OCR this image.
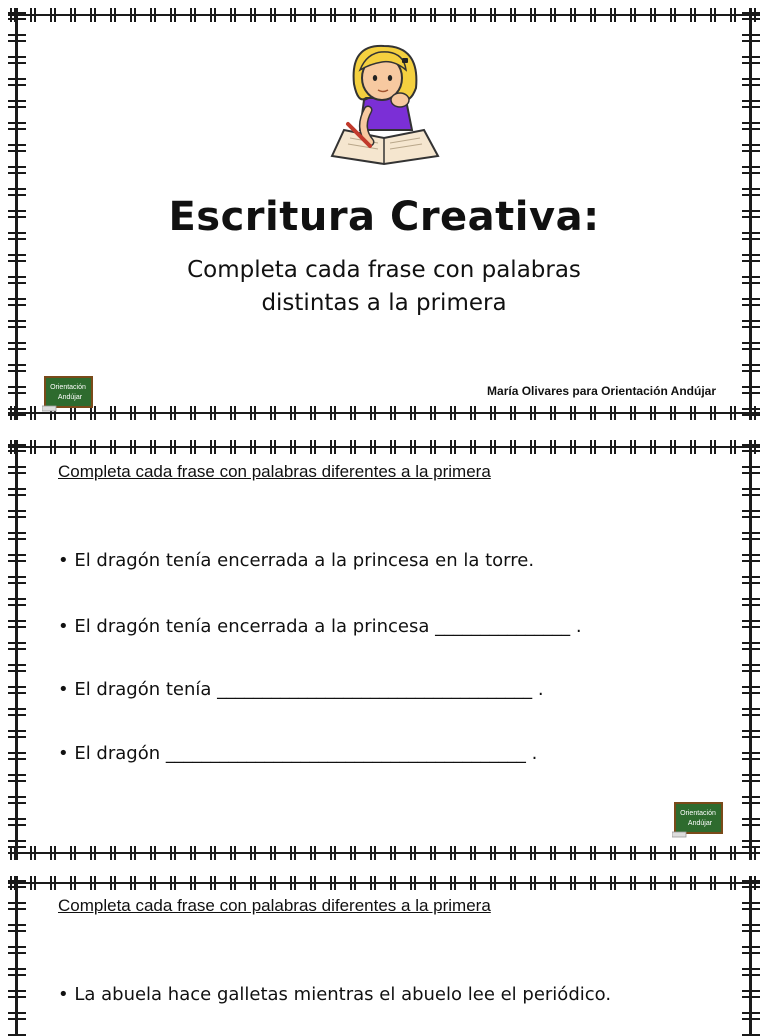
Escritura Creativa:
Completa cada frase con palabras
distintas a la primera
Orientación
Andújar	María Olivares para Orientación Andújar
Completa cada frase con palabras diferentes a la primera
• El dragón tenía encerrada a la princesa en la torre.
• El dragón tenía encerrada a la princesa _______________ .
• El dragón tenía ___________________________________ .
• El dragón ________________________________________ .
Orientación
Andújar
Completa cada frase con palabras diferentes a la primera
• La abuela hace galletas mientras el abuelo lee el periódico.
